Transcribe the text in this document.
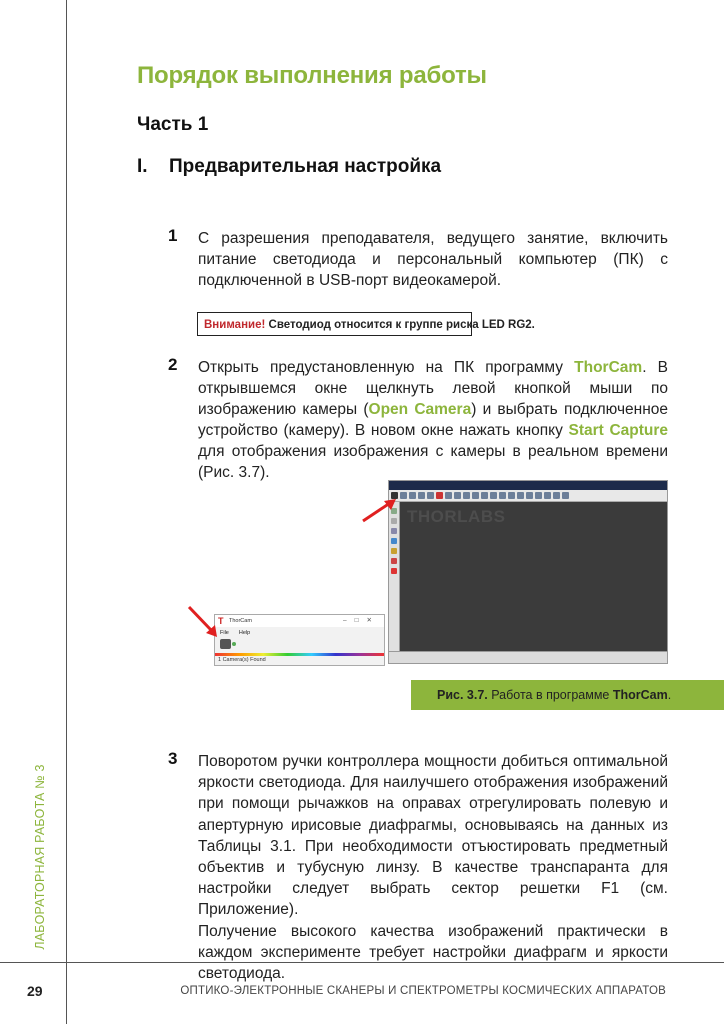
ЛАБОРАТОРНАЯ РАБОТА № 3
Порядок выполнения работы
Часть 1
I. Предварительная настройка
1 С разрешения преподавателя, ведущего занятие, включить питание светодиода и персональный компьютер (ПК) с подключенной в USB-порт видеокамерой.
Внимание! Светодиод относится к группе риска LED RG2.
2 Открыть предустановленную на ПК программу ThorCam. В открывшемся окне щелкнуть левой кнопкой мыши по изображению камеры (Open Camera) и выбрать подключенное устройство (камеру). В новом окне нажать кнопку Start Capture для отображения изображения с камеры в реальном времени (Рис. 3.7).
THORLABS
T ThorCam	–□✕
File Help
1 Camera(s) Found
Рис. 3.7. Работа в программе ThorCam.
3 Поворотом ручки контроллера мощности добиться оптимальной яркости светодиода. Для наилучшего отображения изображений при помощи рычажков на оправах отрегулировать полевую и апертурную ирисовые диафрагмы, основываясь на данных из Таблицы 3.1. При необходимости отъюстировать предметный объектив и тубусную линзу. В качестве транспаранта для настройки следует выбрать сектор решетки F1 (см. Приложение).

Получение высокого качества изображений практически в каждом эксперименте требует настройки диафрагм и яркости светодиода.

29	ОПТИКО-ЭЛЕКТРОННЫЕ СКАНЕРЫ И СПЕКТРОМЕТРЫ КОСМИЧЕСКИХ АППАРАТОВ
